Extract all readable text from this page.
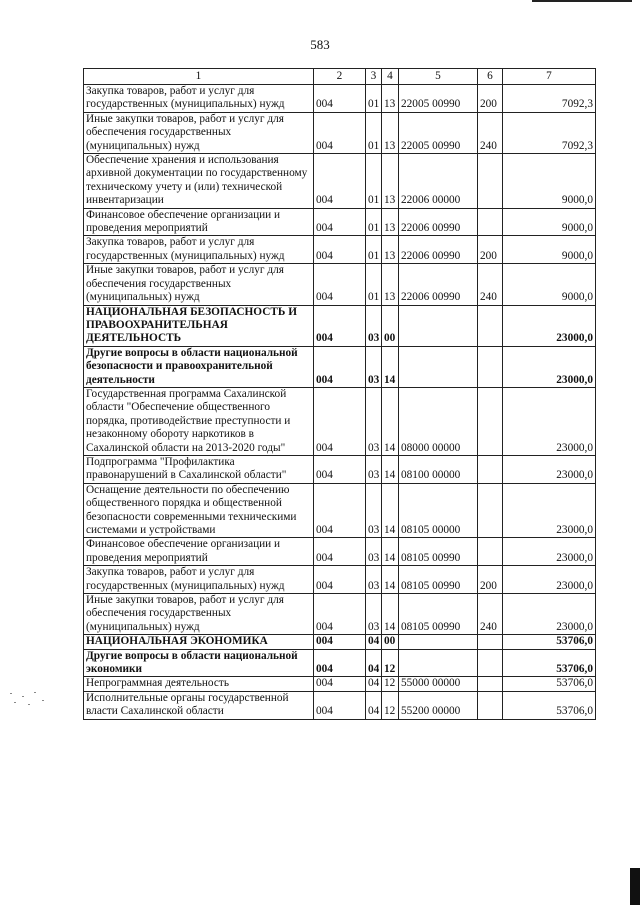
583
1	2	3	4	5	6	7
Закупка товаров, работ и услуг для государственных (муниципальных) нужд	004	01	13	22005 00990	200	7092,3
Иные закупки товаров, работ и услуг для обеспечения государственных (муниципальных) нужд	004	01	13	22005 00990	240	7092,3
Обеспечение хранения и использования архивной документации по государственному техническому учету и (или) технической инвентаризации	004	01	13	22006 00000		9000,0
Финансовое обеспечение организации и проведения мероприятий	004	01	13	22006 00990		9000,0
Закупка товаров, работ и услуг для государственных (муниципальных) нужд	004	01	13	22006 00990	200	9000,0
Иные закупки товаров, работ и услуг для обеспечения государственных (муниципальных) нужд	004	01	13	22006 00990	240	9000,0
НАЦИОНАЛЬНАЯ БЕЗОПАСНОСТЬ И ПРАВООХРАНИТЕЛЬНАЯ ДЕЯТЕЛЬНОСТЬ	004	03	00			23000,0
Другие вопросы в области национальной безопасности и правоохранительной деятельности	004	03	14			23000,0
Государственная программа Сахалинской области "Обеспечение общественного порядка, противодействие преступности и незаконному обороту наркотиков в Сахалинской области на 2013-2020 годы"	004	03	14	08000 00000		23000,0
Подпрограмма "Профилактика правонарушений в Сахалинской области"	004	03	14	08100 00000		23000,0
Оснащение деятельности по обеспечению общественного порядка и общественной безопасности современными техническими системами и устройствами	004	03	14	08105 00000		23000,0
Финансовое обеспечение организации и проведения мероприятий	004	03	14	08105 00990		23000,0
Закупка товаров, работ и услуг для государственных (муниципальных) нужд	004	03	14	08105 00990	200	23000,0
Иные закупки товаров, работ и услуг для обеспечения государственных (муниципальных) нужд	004	03	14	08105 00990	240	23000,0
НАЦИОНАЛЬНАЯ ЭКОНОМИКА	004	04	00			53706,0
Другие вопросы в области национальной экономики	004	04	12			53706,0
Непрограммная деятельность	004	04	12	55000 00000		53706,0
Исполнительные органы государственной власти Сахалинской области	004	04	12	55200 00000		53706,0
